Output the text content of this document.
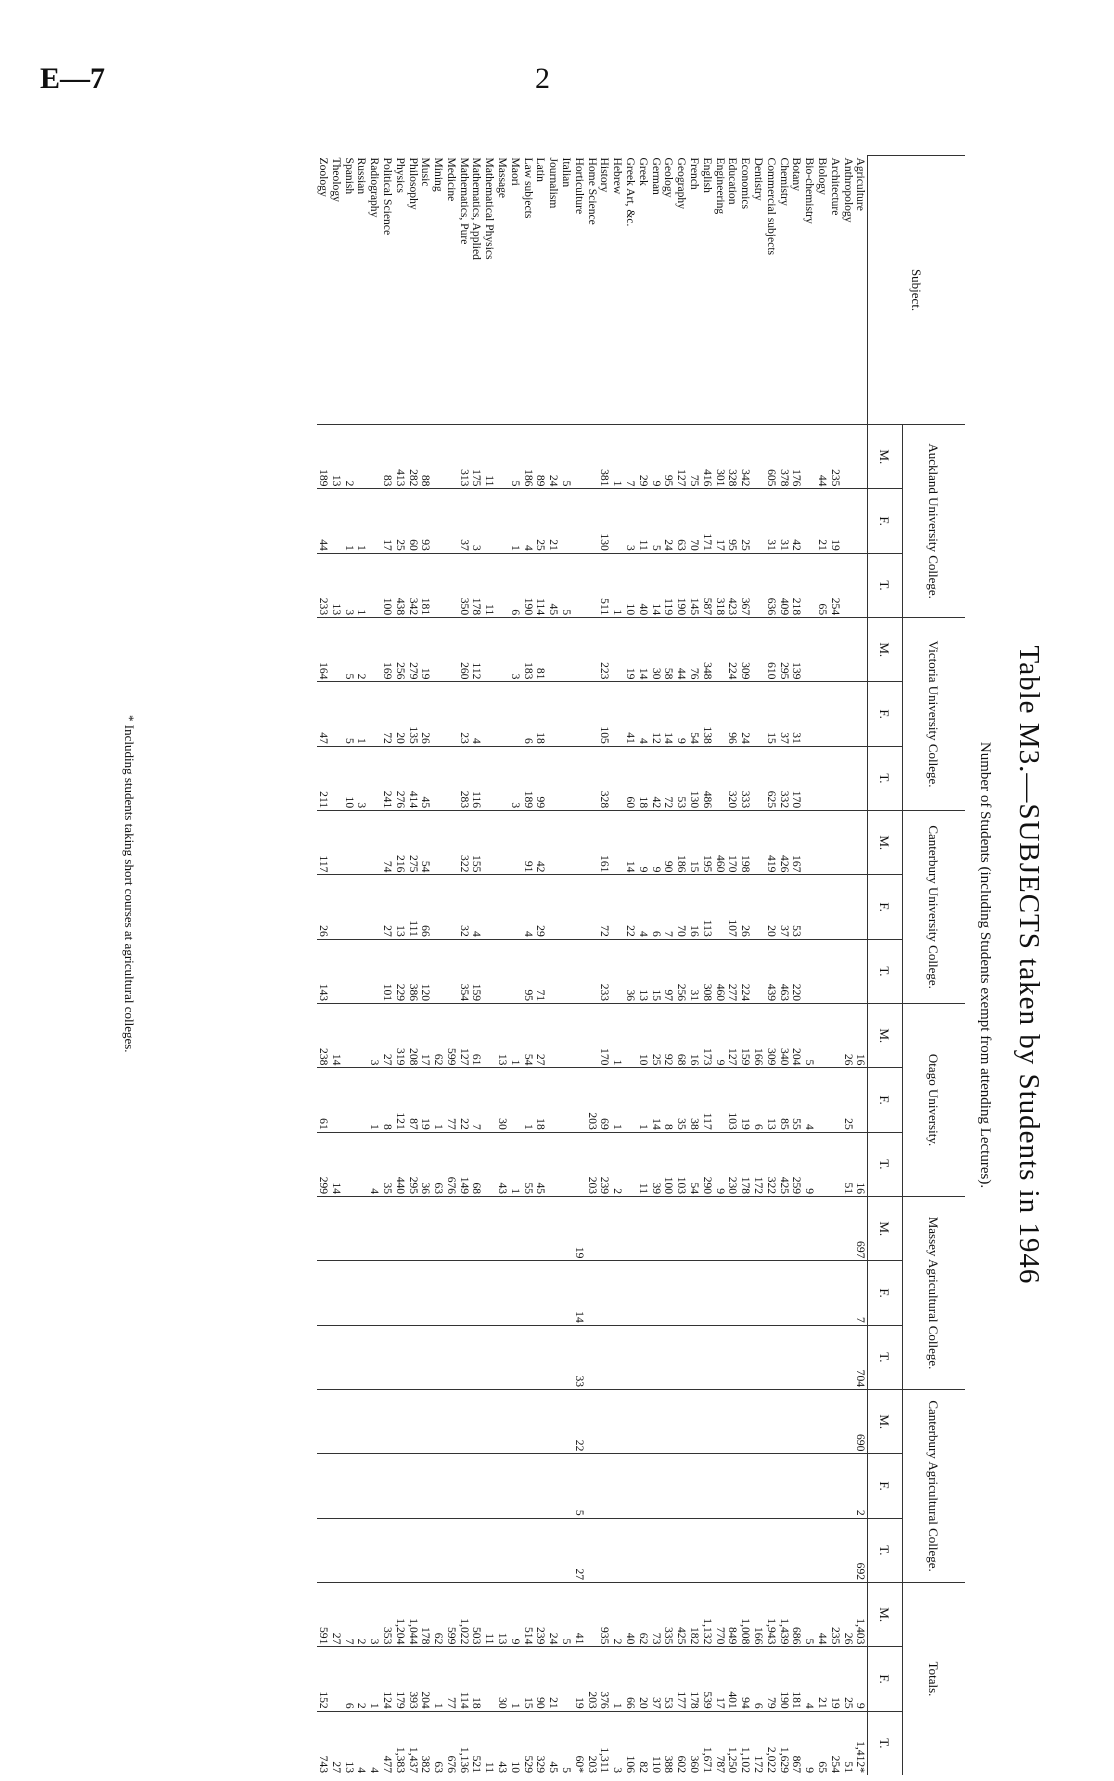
E—7	2
Table M3.—SUBJECTS taken by Students in 1946
Number of Students (including Students exempt from attending Lectures).
Subject.	Auckland University College.			Victoria University College.			Canterbury University College.			Otago University.			Massey Agricultural College.			Canterbury Agricultural College.			Totals.		
	M.	F.	T.	M.	F.	T.	M.	F.	T.	M.	F.	T.	M.	F.	T.	M.	F.	T.	M.	F.	T.
Agriculture										16		16	697	7	704	690	2	692	1,403	9	1,412*
Anthropology										26	25	51							26	25	51
Architecture	235	19	254																235	19	254
Biology	44	21	65																44	21	65
Bio-chemistry										5	4	9							5	4	9
Botany	176	42	218	139	31	170	167	53	220	204	55	259							686	181	867
Chemistry	378	31	409	295	37	332	426	37	463	340	85	425							1,439	190	1,629
Commercial subjects	605	31	636	610	15	625	419	20	439	309	13	322							1,943	79	2,022
Dentistry										166	6	172							166	6	172
Economics	342	25	367	309	24	333	198	26	224	159	19	178							1,008	94	1,102
Education	328	95	423	224	96	320	170	107	277	127	103	230							849	401	1,250
Engineering	301	17	318				460		460	9		9							770	17	787
English	416	171	587	348	138	486	195	113	308	173	117	290							1,132	539	1,671
French	75	70	145	76	54	130	15	16	31	16	38	54							182	178	360
Geography	127	63	190	44	9	53	186	70	256	68	35	103							425	177	602
Geology	95	24	119	58	14	72	90	7	97	92	8	100							335	53	388
German	9	5	14	30	12	42	9	6	15	25	14	39							73	37	110
Greek	29	11	40	14	4	18	9	4	13	10	1	11							62	20	82
Greek Art, &c.	7	3	10	19	41	60	14	22	36										40	66	106
Hebrew	1		1							1	1	2							2	1	3
History	381	130	511	223	105	328	161	72	233	170	69	239							935	376	1,311
Home Science											203	203								203	203
Horticulture													19	14	33	22	5	27	41	19	60*
Italian	5		5																5		5
Journalism	24	21	45																24	21	45
Latin	89	25	114	81	18	99	42	29	71	27	18	45							239	90	329
Law subjects	186	4	190	183	6	189	91	4	95	54	1	55							514	15	529
Maori	5	1	6	3		3				1		1							9	1	10
Massage										13	30	43							13	30	43
Mathematical Physics	11		11																11		11
Mathematics, Applied	175	3	178	112	4	116	155	4	159	61	7	68							503	18	521
Mathematics, Pure	313	37	350	260	23	283	322	32	354	127	22	149							1,022	114	1,136
Medicine										599	77	676							599	77	676
Mining										62	1	63							62	1	63
Music	88	93	181	19	26	45	54	66	120	17	19	36							178	204	382
Philosophy	282	60	342	279	135	414	275	111	386	208	87	295							1,044	393	1,437
Physics	413	25	438	256	20	276	216	13	229	319	121	440							1,204	179	1,383
Political Science	83	17	100	169	72	241	74	27	101	27	8	35							353	124	477
Radiography										3	1	4							3	1	4
Russian		1	1	2	1	3													2	2	4
Spanish	2	1	3	5	5	10													7	6	13
Theology	13		13							14		14							27		27
Zoology	189	44	233	164	47	211	117	26	143	238	61	299							591	152	743
* Including students taking short courses at agricultural colleges.
